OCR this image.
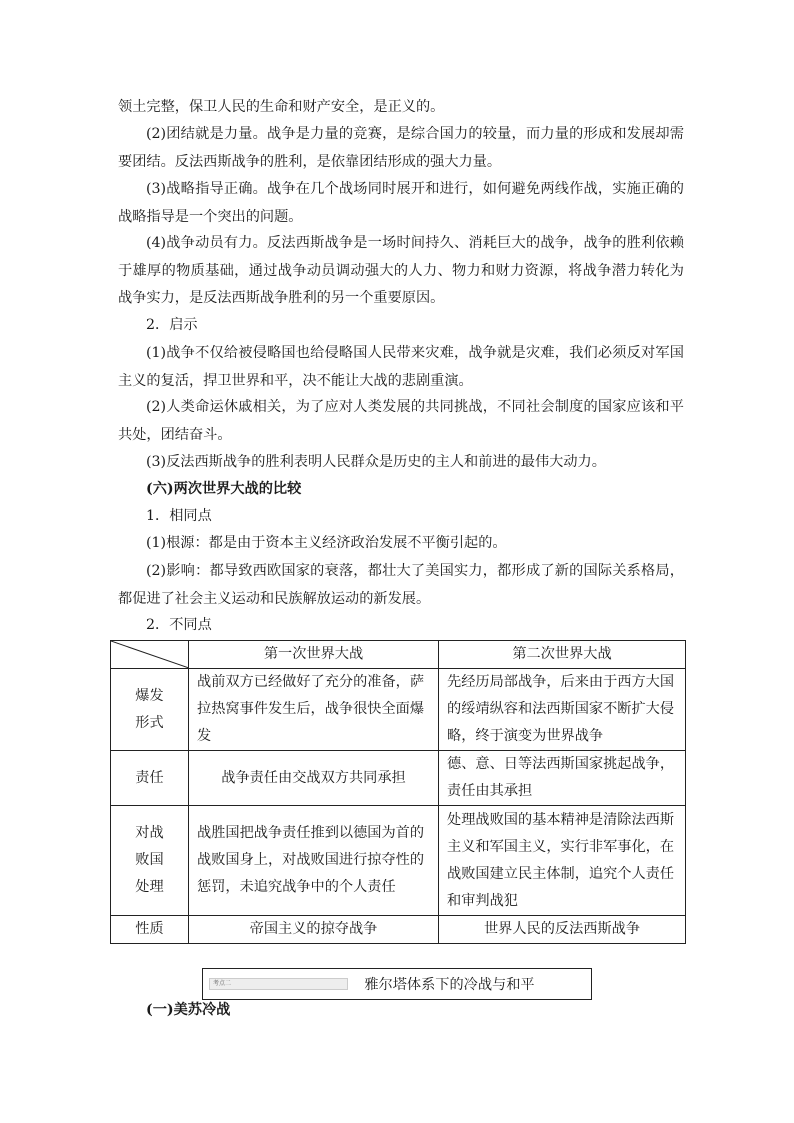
领土完整，保卫人民的生命和财产安全，是正义的。

(2)团结就是力量。战争是力量的竞赛，是综合国力的较量，而力量的形成和发展却需要团结。反法西斯战争的胜利，是依靠团结形成的强大力量。

(3)战略指导正确。战争在几个战场同时展开和进行，如何避免两线作战，实施正确的战略指导是一个突出的问题。

(4)战争动员有力。反法西斯战争是一场时间持久、消耗巨大的战争，战争的胜利依赖于雄厚的物质基础，通过战争动员调动强大的人力、物力和财力资源，将战争潜力转化为战争实力，是反法西斯战争胜利的另一个重要原因。

2．启示

(1)战争不仅给被侵略国也给侵略国人民带来灾难，战争就是灾难，我们必须反对军国主义的复活，捍卫世界和平，决不能让大战的悲剧重演。

(2)人类命运休戚相关，为了应对人类发展的共同挑战，不同社会制度的国家应该和平共处，团结奋斗。

(3)反法西斯战争的胜利表明人民群众是历史的主人和前进的最伟大动力。

(六)两次世界大战的比较

1．相同点

(1)根源：都是由于资本主义经济政治发展不平衡引起的。

(2)影响：都导致西欧国家的衰落，都壮大了美国实力，都形成了新的国际关系格局，都促进了社会主义运动和民族解放运动的新发展。

2．不同点

	第一次世界大战	第二次世界大战
爆发
形式	战前双方已经做好了充分的准备，萨拉热窝事件发生后，战争很快全面爆发	先经历局部战争，后来由于西方大国的绥靖纵容和法西斯国家不断扩大侵略，终于演变为世界战争
责任	战争责任由交战双方共同承担	德、意、日等法西斯国家挑起战争，责任由其承担
对战
败国
处理	战胜国把战争责任推到以德国为首的战败国身上，对战败国进行掠夺性的惩罚，未追究战争中的个人责任	处理战败国的基本精神是清除法西斯主义和军国主义，实行非军事化，在战败国建立民主体制，追究个人责任和审判战犯
性质	帝国主义的掠夺战争	世界人民的反法西斯战争
考点二	雅尔塔体系下的冷战与和平

(一)美苏冷战
